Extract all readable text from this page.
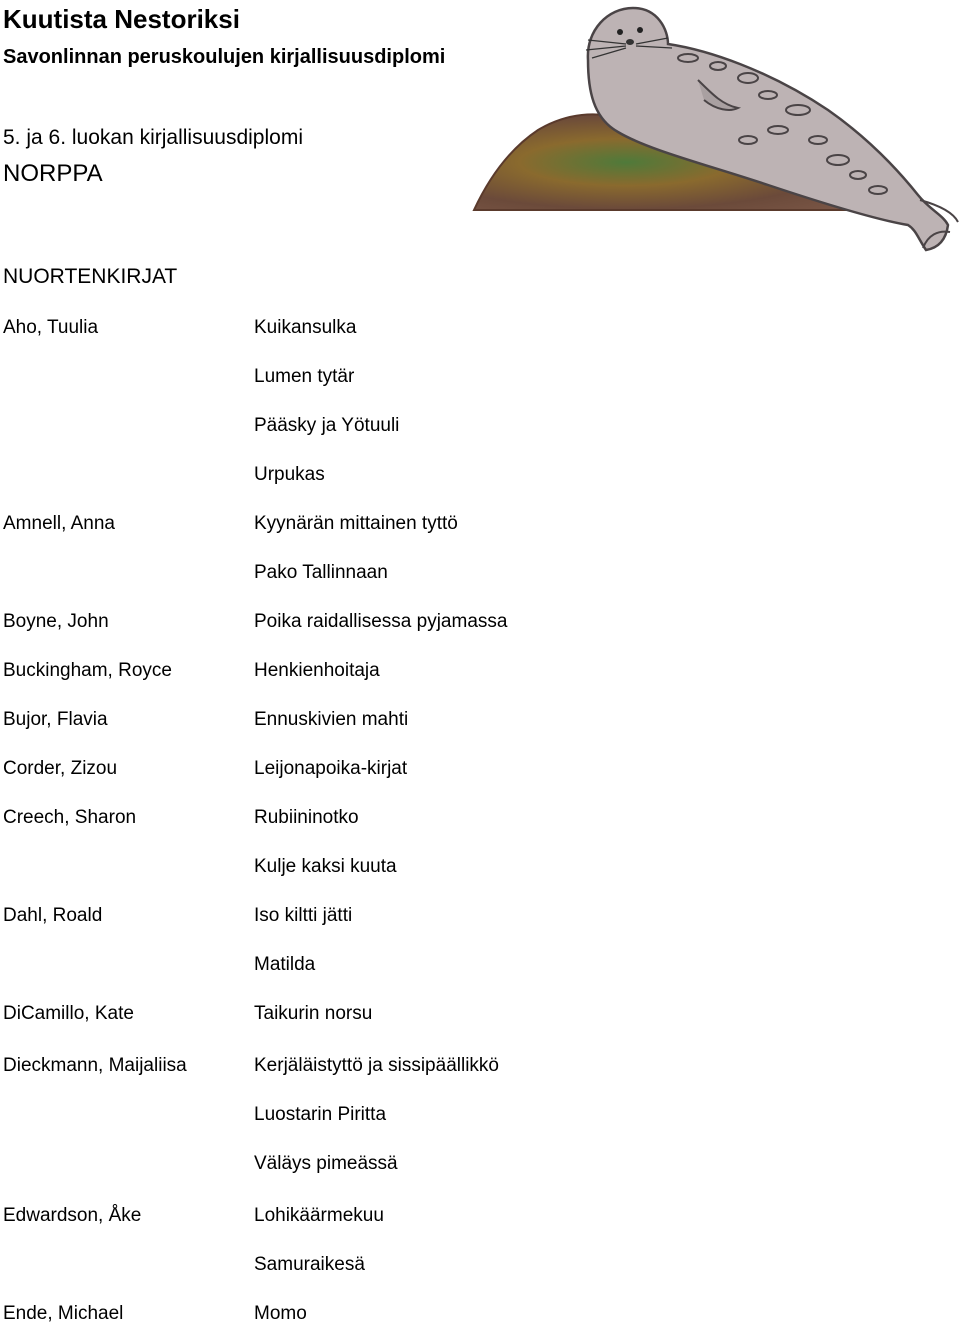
Kuutista Nestoriksi
Savonlinnan peruskoulujen kirjallisuusdiplomi
5. ja 6. luokan kirjallisuusdiplomi
NORPPA
NUORTENKIRJAT
Aho, Tuulia	Kuikansulka
Lumen tytär
Pääsky ja Yötuuli
Urpukas
Amnell, Anna	Kyynärän mittainen tyttö
Pako Tallinnaan
Boyne, John	Poika raidallisessa pyjamassa
Buckingham, Royce	Henkienhoitaja
Bujor, Flavia	Ennuskivien mahti
Corder, Zizou	Leijonapoika-kirjat
Creech, Sharon	Rubiininotko
Kulje kaksi kuuta
Dahl, Roald	Iso kiltti jätti
Matilda
DiCamillo, Kate	Taikurin norsu
Dieckmann, Maijaliisa	Kerjäläistyttö ja sissipäällikkö
Luostarin Piritta
Väläys pimeässä
Edwardson, Åke	Lohikäärmekuu
Samuraikesä
Ende, Michael	Momo
